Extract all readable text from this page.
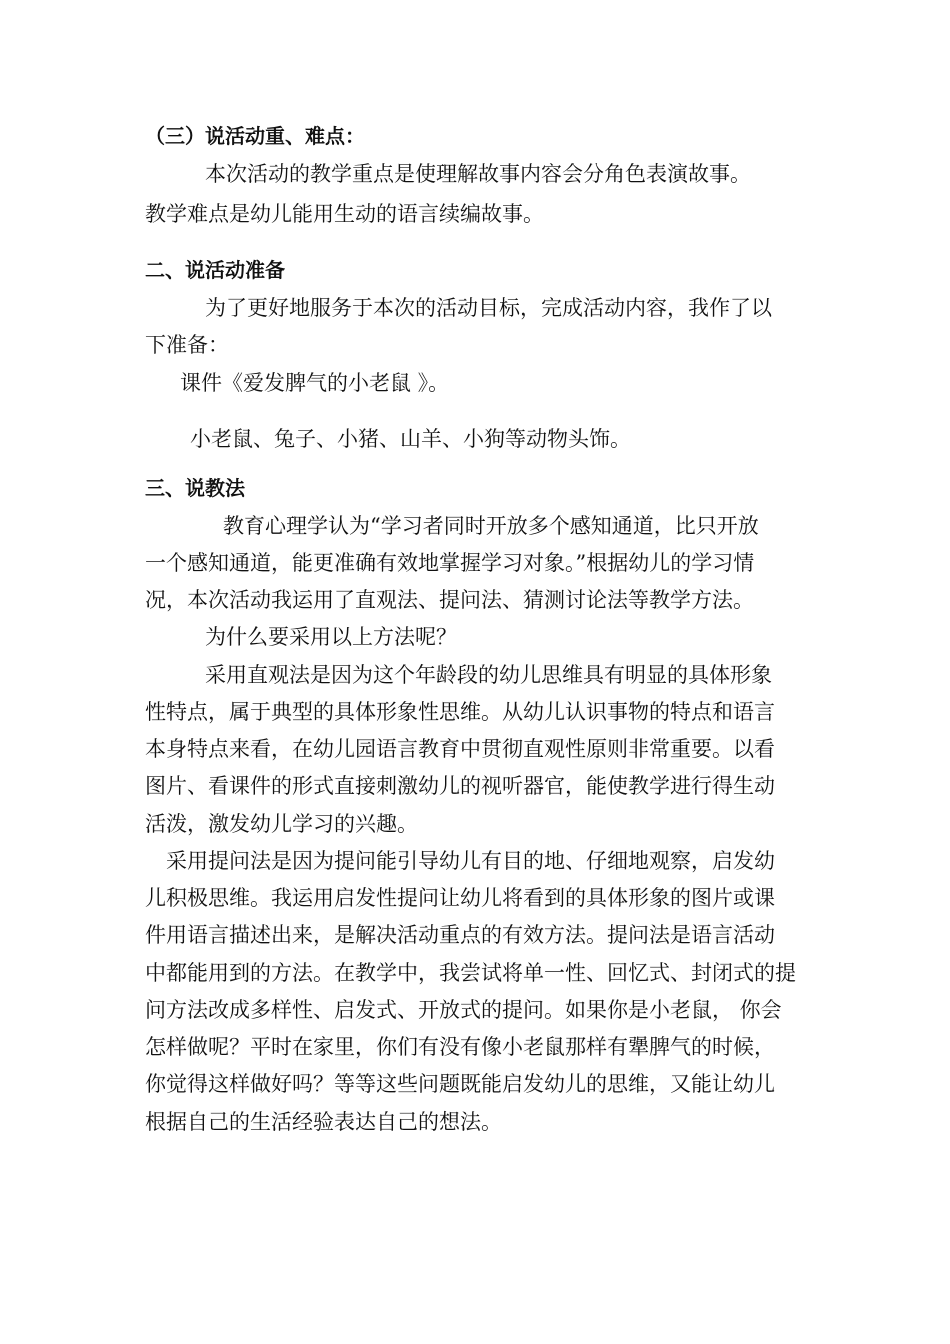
（三）说活动重、难点：
本次活动的教学重点是使理解故事内容会分角色表演故事。
教学难点是幼儿能用生动的语言续编故事。
二、说活动准备
为了更好地服务于本次的活动目标，完成活动内容，我作了以
下准备：
课件《爱发脾气的小老鼠 》。
小老鼠、兔子、小猪、山羊、小狗等动物头饰。
三、说教法
教育心理学认为“学习者同时开放多个感知通道，比只开放
一个感知通道，能更准确有效地掌握学习对象。”根据幼儿的学习情
况，本次活动我运用了直观法、提问法、猜测讨论法等教学方法。
为什么要采用以上方法呢？
采用直观法是因为这个年龄段的幼儿思维具有明显的具体形象
性特点，属于典型的具体形象性思维。从幼儿认识事物的特点和语言
本身特点来看，在幼儿园语言教育中贯彻直观性原则非常重要。以看
图片、看课件的形式直接刺激幼儿的视听器官，能使教学进行得生动
活泼，激发幼儿学习的兴趣。
采用提问法是因为提问能引导幼儿有目的地、仔细地观察，启发幼
儿积极思维。我运用启发性提问让幼儿将看到的具体形象的图片或课
件用语言描述出来，是解决活动重点的有效方法。提问法是语言活动
中都能用到的方法。在教学中，我尝试将单一性、回忆式、封闭式的提
问方法改成多样性、启发式、开放式的提问。如果你是小老鼠， 你会
怎样做呢？平时在家里，你们有没有像小老鼠那样有犟脾气的时候，
你觉得这样做好吗？等等这些问题既能启发幼儿的思维，又能让幼儿
根据自己的生活经验表达自己的想法。
